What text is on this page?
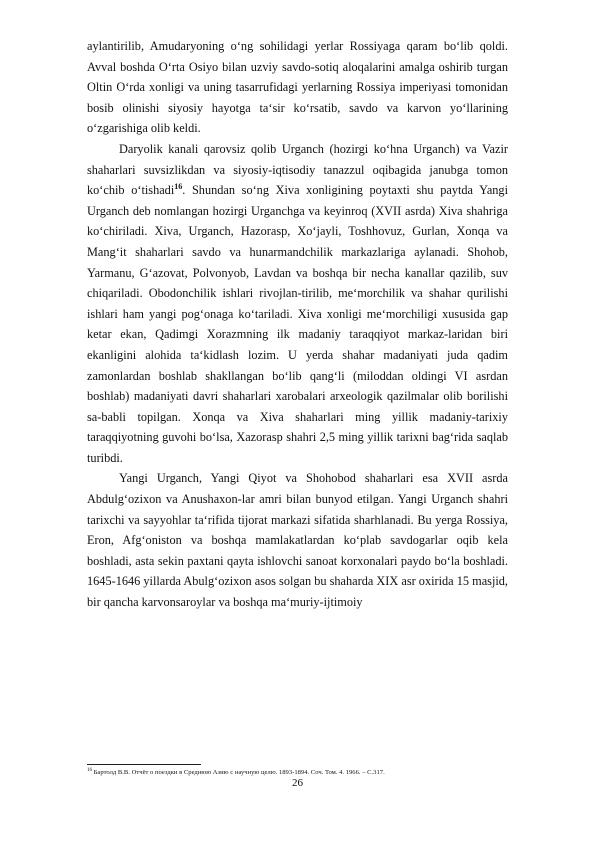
aylantirilib, Amudaryoning o‘ng sohilidagi yerlar Rossiyaga qaram bo‘lib qoldi. Avval boshda O‘rta Osiyo bilan uzviy savdo-sotiq aloqalarini amalga oshirib turgan Oltin O‘rda xonligi va uning tasarrufidagi yerlarning Rossiya imperiyasi tomonidan bosib olinishi siyosiy hayotga ta‘sir ko‘rsatib, savdo va karvon yo‘llarining o‘zgarishiga olib keldi.

Daryolik kanali qarovsiz qolib Urganch (hozirgi ko‘hna Urganch) va Vazir shaharlari suvsizlikdan va siyosiy-iqtisodiy tanazzul oqibagida janubga tomon ko‘chib o‘tishadi$^{16}$. Shundan so‘ng Xiva xonligining poytaxti shu paytda Yangi Urganch deb nomlangan hozirgi Urganchga va keyinroq (XVII asrda) Xiva shahriga ko‘chiriladi. Xiva, Urganch, Hazorasp, Xo‘jayli, Toshhovuz, Gurlan, Xonqa va Mang‘it shaharlari savdo va hunarmandchilik markazlariga aylanadi. Shohob, Yarmanu, G‘azovat, Polvonyob, Lavdan va boshqa bir necha kanallar qazilib, suv chiqariladi. Obodonchilik ishlari rivojlan-tirilib, me‘morchilik va shahar qurilishi ishlari ham yangi pog‘onaga ko‘tariladi. Xiva xonligi me‘morchiligi xususida gap ketar ekan, Qadimgi Xorazmning ilk madaniy taraqqiyot markaz-laridan biri ekanligini alohida ta‘kidlash lozim. U yerda shahar madaniyati juda qadim zamonlardan boshlab shakllangan bo‘lib qang‘li (miloddan oldingi VI asrdan boshlab) madaniyati davri shaharlari xarobalari arxeologik qazilmalar olib borilishi sa-babli topilgan. Xonqa va Xiva shaharlari ming yillik madaniy-tarixiy taraqqiyotning guvohi bo‘lsa, Xazorasp shahri 2,5 ming yillik tarixni bag‘rida saqlab turibdi.

Yangi Urganch, Yangi Qiyot va Shohobod shaharlari esa XVII asrda Abdulg‘ozixon va Anushaxon-lar amri bilan bunyod etilgan. Yangi Urganch shahri tarixchi va sayyohlar ta‘rifida tijorat markazi sifatida sharhlanadi. Bu yerga Rossiya, Eron, Afg‘oniston va boshqa mamlakatlardan ko‘plab savdogarlar oqib kela boshladi, asta sekin paxtani qayta ishlovchi sanoat korxonalari paydo bo‘la boshladi. 1645-1646 yillarda Abulg‘ozixon asos solgan bu shaharda XIX asr oxirida 15 masjid, bir qancha karvonsaroylar va boshqa ma‘muriy-ijtimoiy

$^{16}$ Бартолд В.В. Отчёт о поездки в Среднюю Азию с научную целю. 1893-1894. Соч. Том. 4. 1966. – С.317.
26
